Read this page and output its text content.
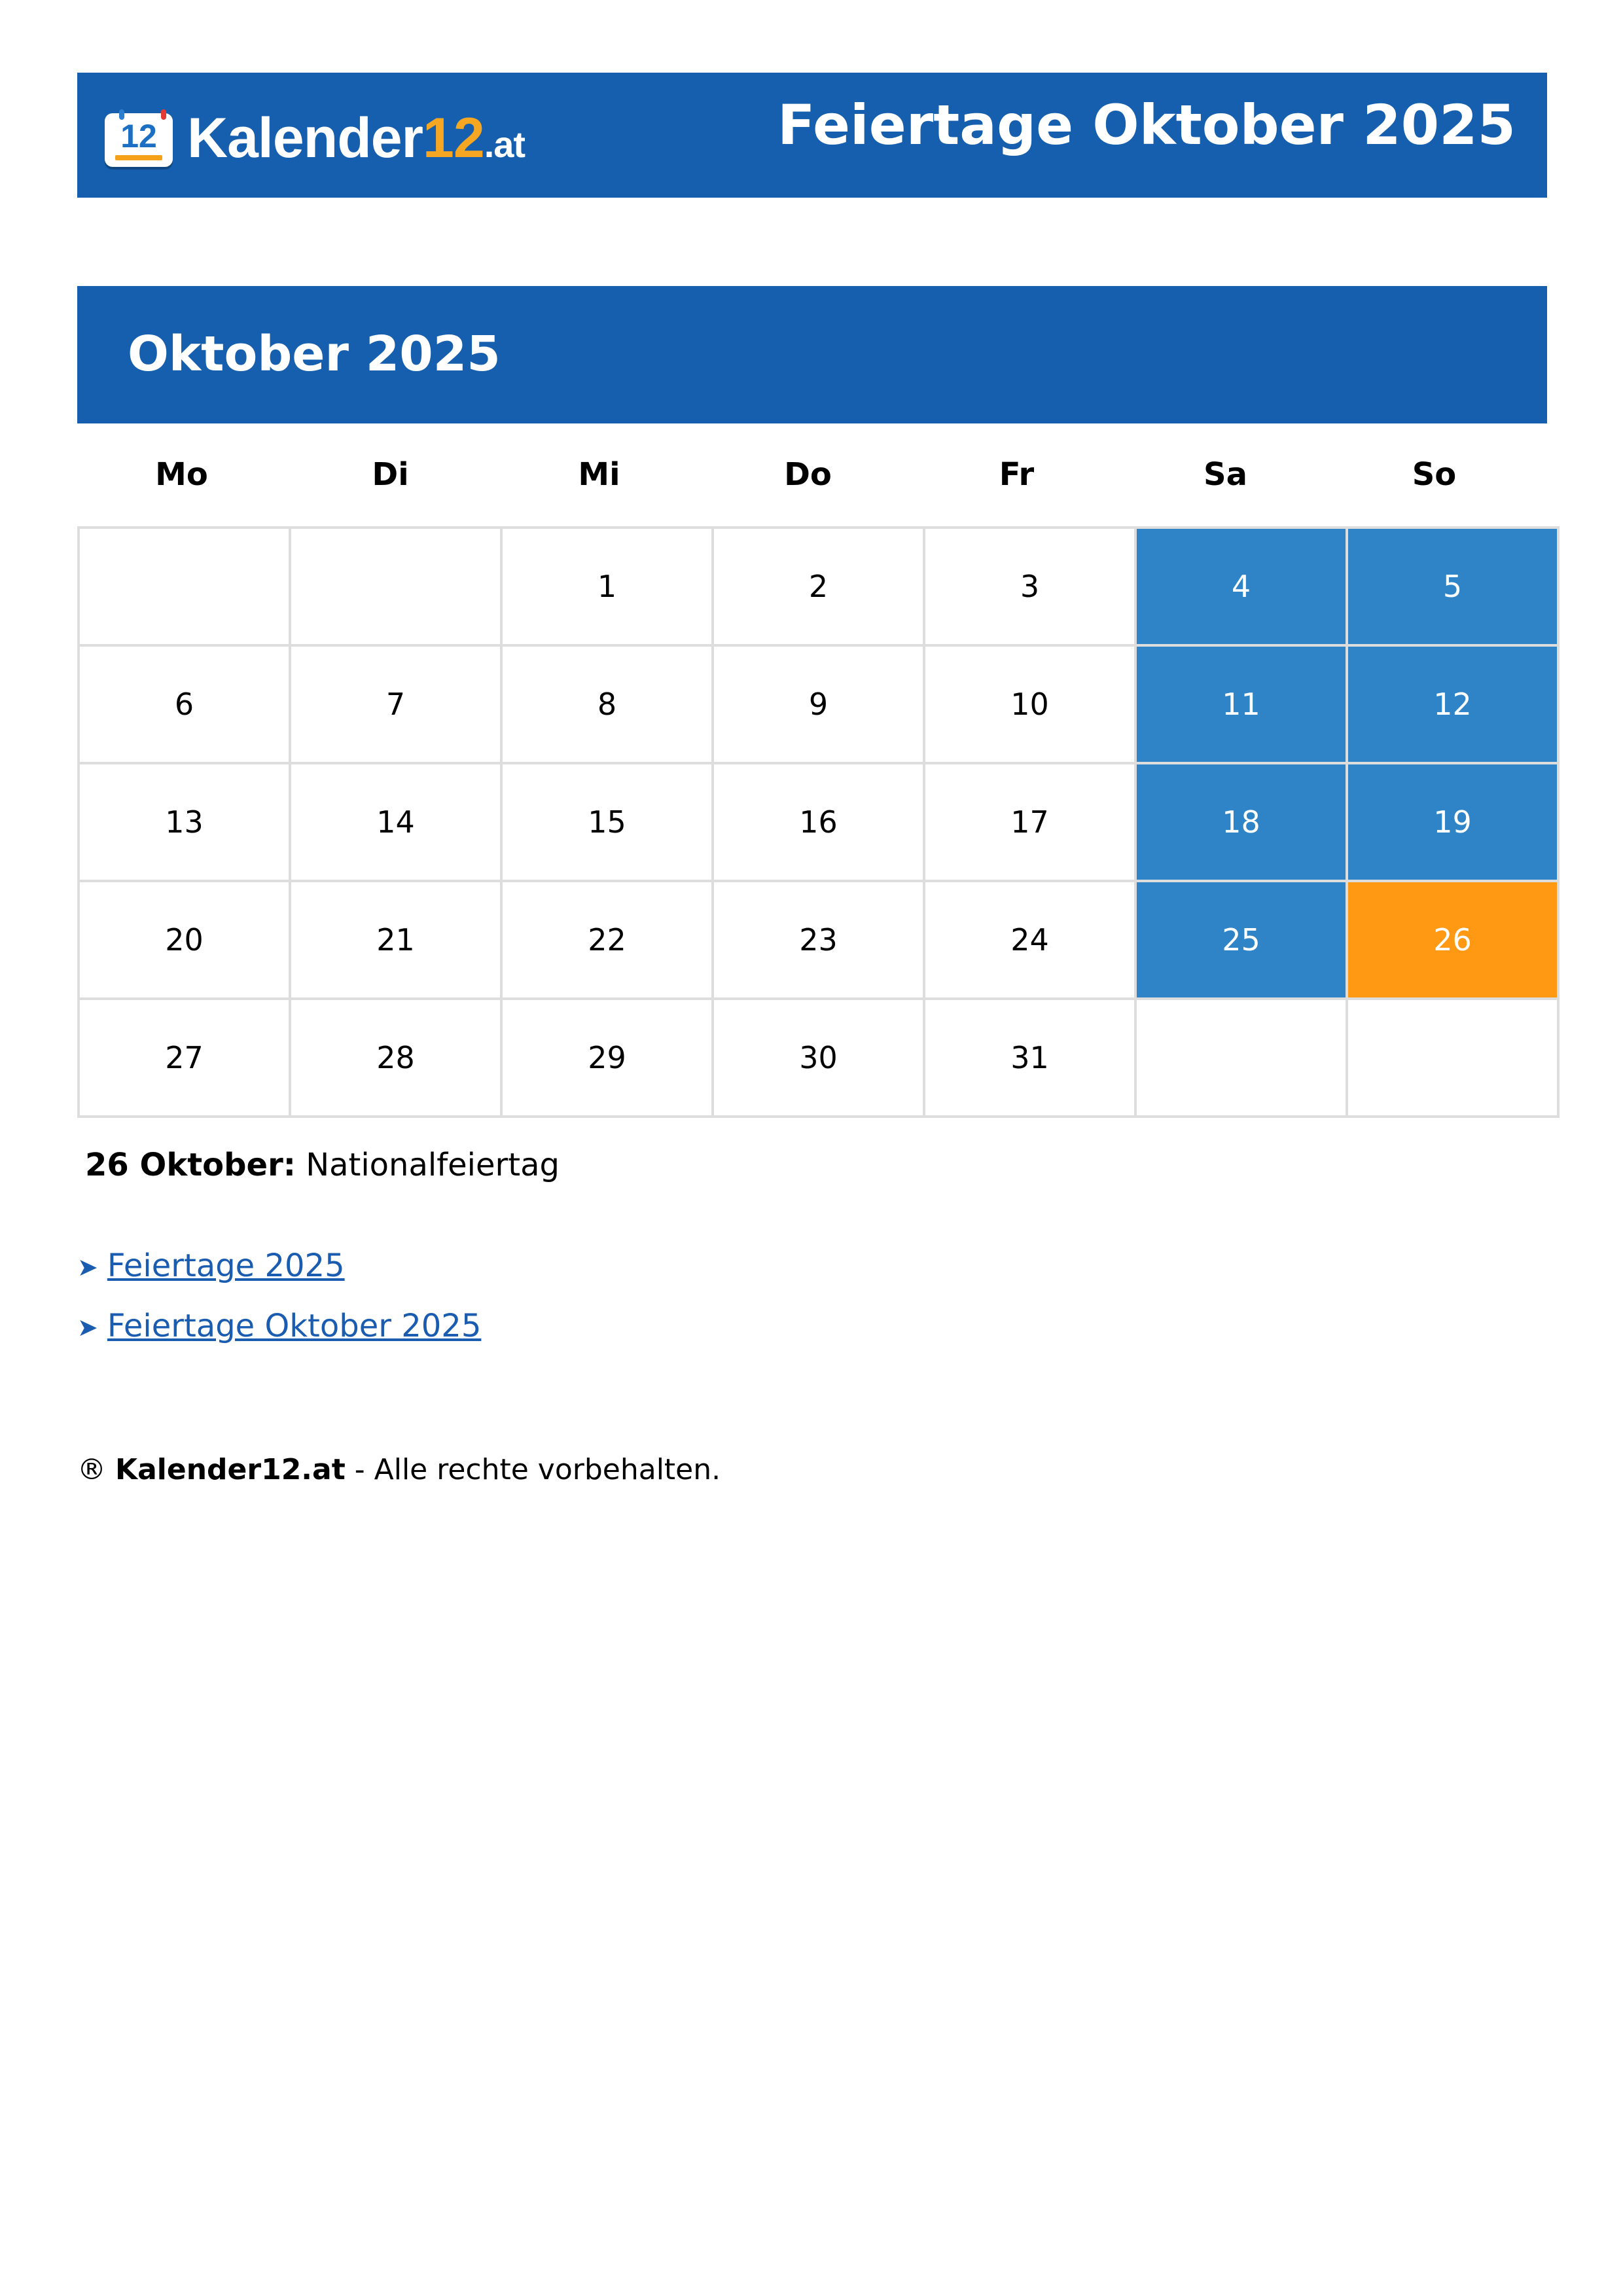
12 Kalender12.at	Feiertage Oktober 2025
Oktober 2025
Mo	Di	Mi	Do	Fr	Sa	So
		1	2	3	4	5
6	7	8	9	10	11	12
13	14	15	16	17	18	19
20	21	22	23	24	25	26
27	28	29	30	31		
26 Oktober: Nationalfeiertag
➤ Feiertage 2025
➤ Feiertage Oktober 2025
® Kalender12.at - Alle rechte vorbehalten.
